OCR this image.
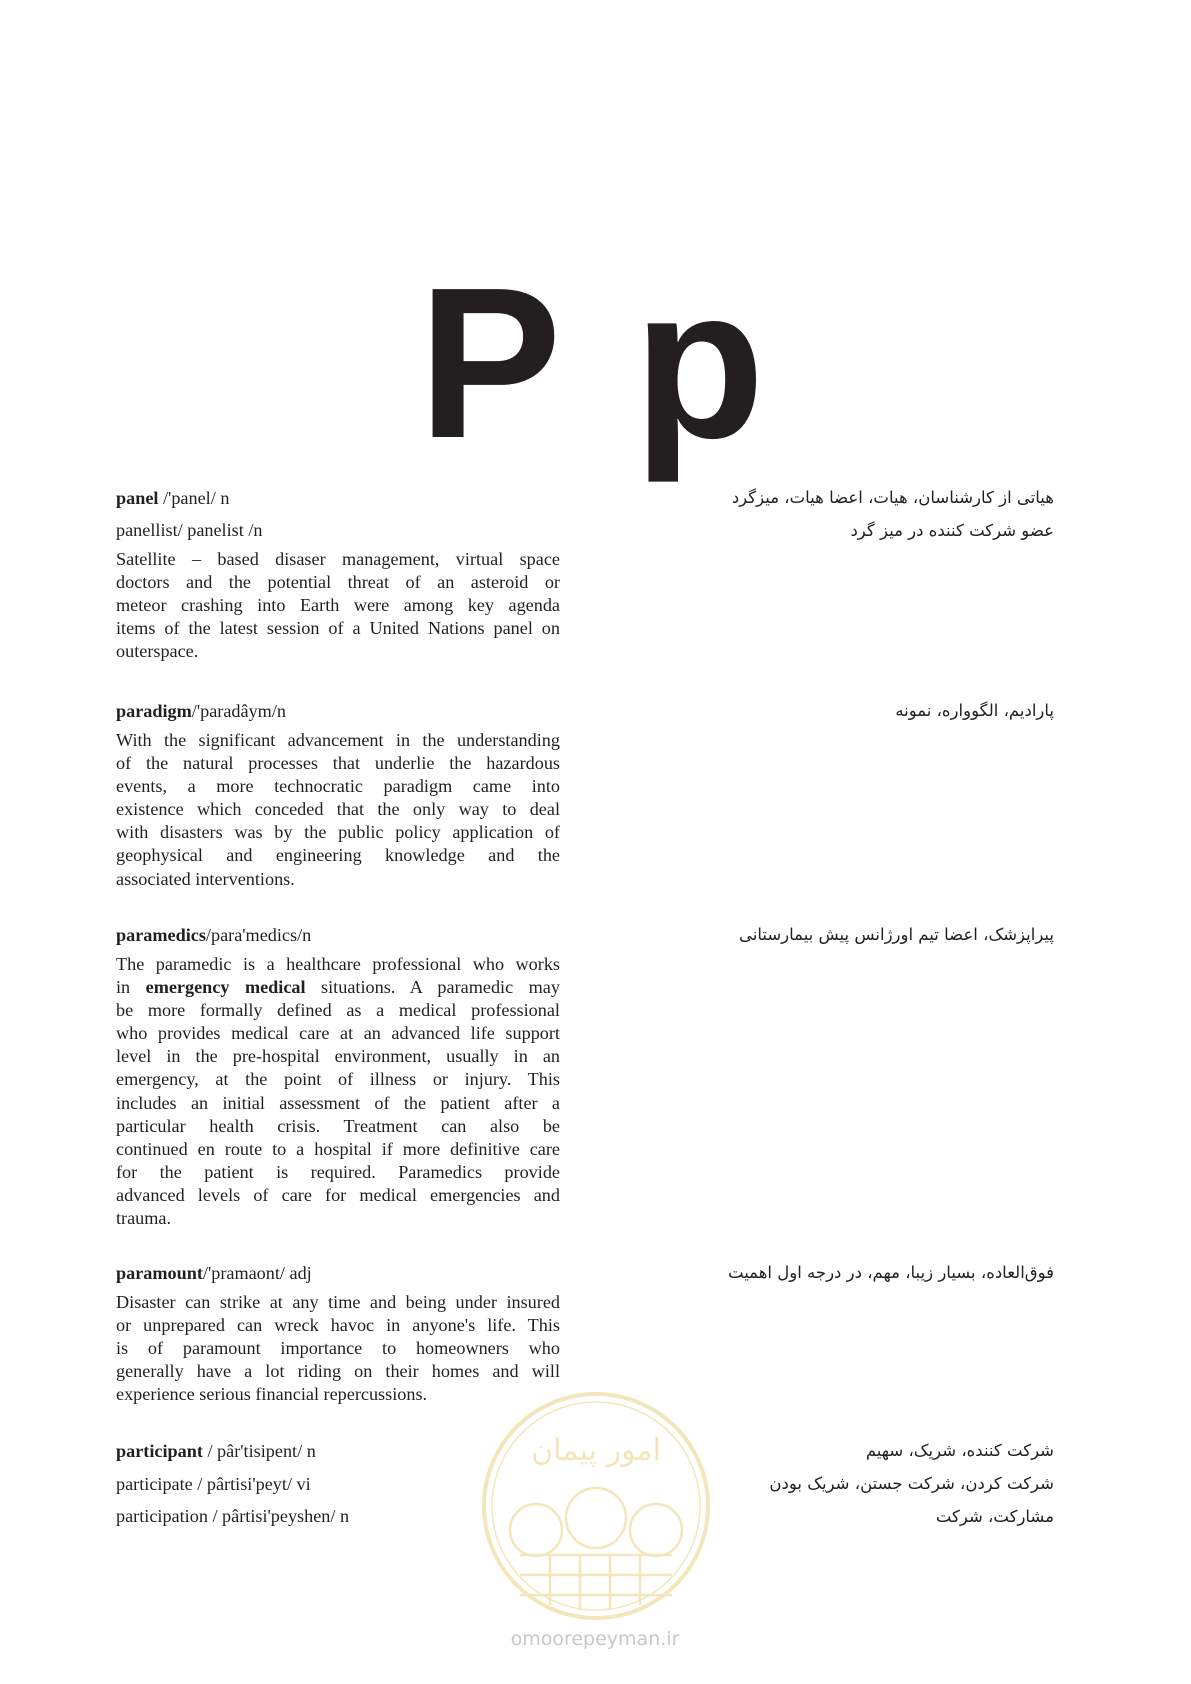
P p
panel /'panel/ n
panellist/ panelist /n
Satellite – based disaser management, virtual space
doctors and the potential threat of an asteroid or
meteor crashing into Earth were among key agenda
items of the latest session of a United Nations panel on
outerspace.
هیاتی از کارشناسان، هیات، اعضا هیات، میزگرد
عضو شرکت کننده در میز گرد
paradigm/'paradâym/n
With the significant advancement in the understanding
of the natural processes that underlie the hazardous
events, a more technocratic paradigm came into
existence which conceded that the only way to deal
with disasters was by the public policy application of
geophysical and engineering knowledge and the
associated interventions.
پارادیم، الگوواره، نمونه
paramedics/para'medics/n
The paramedic is a healthcare professional who works
in emergency medical situations. A paramedic may
be more formally defined as a medical professional
who provides medical care at an advanced life support
level in the pre-hospital environment, usually in an
emergency, at the point of illness or injury. This
includes an initial assessment of the patient after a
particular health crisis. Treatment can also be
continued en route to a hospital if more definitive care
for the patient is required. Paramedics provide
advanced levels of care for medical emergencies and
trauma.
پیراپزشک، اعضا تیم اورژانس پیش بیمارستانی
paramount/'pramaont/ adj
Disaster can strike at any time and being under insured
or unprepared can wreck havoc in anyone's life. This
is of paramount importance to homeowners who
generally have a lot riding on their homes and will
experience serious financial repercussions.
فوق‌العاده، بسیار زیبا، مهم، در درجه اول اهمیت
participant / pâr'tisipent/ n
participate / pârtisi'peyt/ vi
participation / pârtisi'peyshen/ n
شرکت کننده، شریک، سهیم
شرکت کردن، شرکت جستن، شریک بودن
مشارکت، شرکت
امور پیمان
omoorepeyman.ir
